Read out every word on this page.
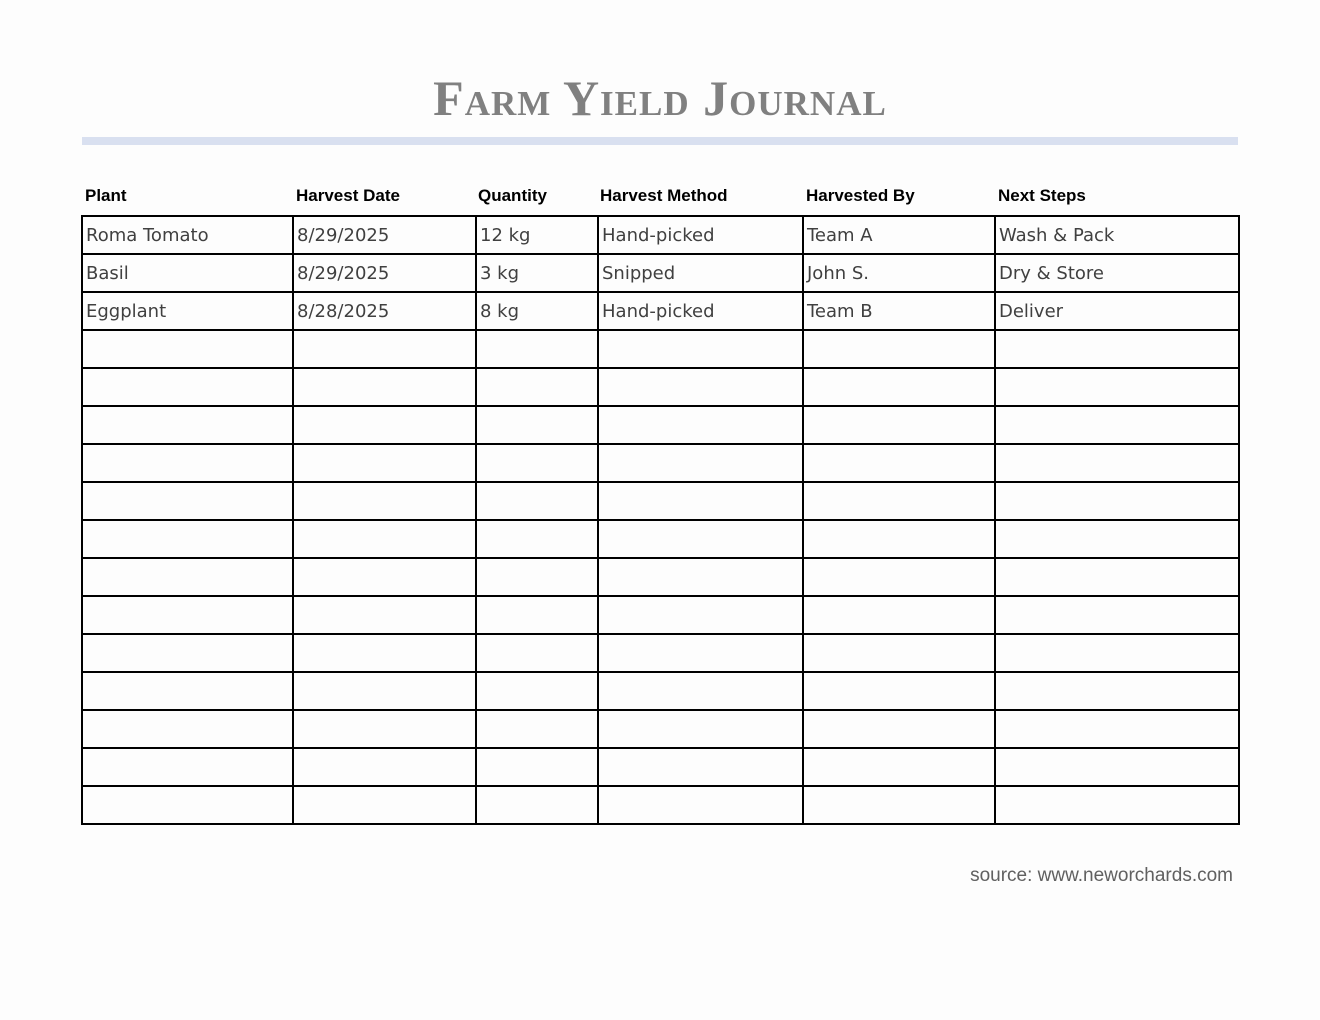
Farm Yield Journal
Plant	Harvest Date	Quantity	Harvest Method	Harvested By	Next Steps
Roma Tomato	8/29/2025	12 kg	Hand-picked	Team A	Wash & Pack
Basil	8/29/2025	3 kg	Snipped	John S.	Dry & Store
Eggplant	8/28/2025	8 kg	Hand-picked	Team B	Deliver

source: www.neworchards.com
